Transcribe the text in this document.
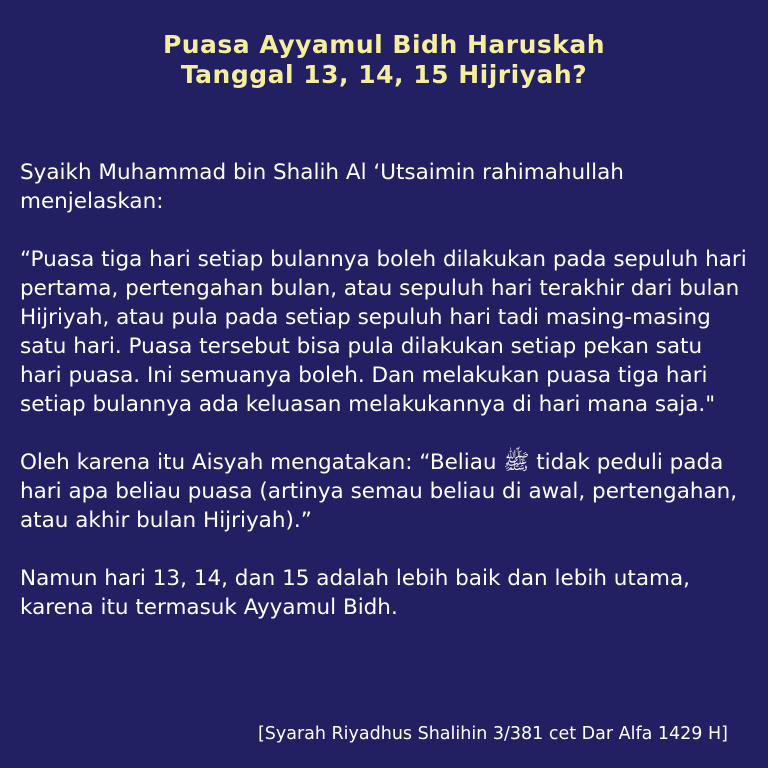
Puasa Ayyamul Bidh Haruskah
Tanggal 13, 14, 15 Hijriyah?

Syaikh Muhammad bin Shalih Al ‘Utsaimin rahimahullah menjelaskan:

“Puasa tiga hari setiap bulannya boleh dilakukan pada sepuluh hari pertama, pertengahan bulan, atau sepuluh hari terakhir dari bulan Hijriyah, atau pula pada setiap sepuluh hari tadi masing-masing satu hari. Puasa tersebut bisa pula dilakukan setiap pekan satu hari puasa. Ini semuanya boleh. Dan melakukan puasa tiga hari setiap bulannya ada keluasan melakukannya di hari mana saja."

Oleh karena itu Aisyah mengatakan: “Beliau ﷺ tidak peduli pada hari apa beliau puasa (artinya semau beliau di awal, pertengahan, atau akhir bulan Hijriyah).”

Namun hari 13, 14, dan 15 adalah lebih baik dan lebih utama, karena itu termasuk Ayyamul Bidh.

[Syarah Riyadhus Shalihin 3/381 cet Dar Alfa 1429 H]
